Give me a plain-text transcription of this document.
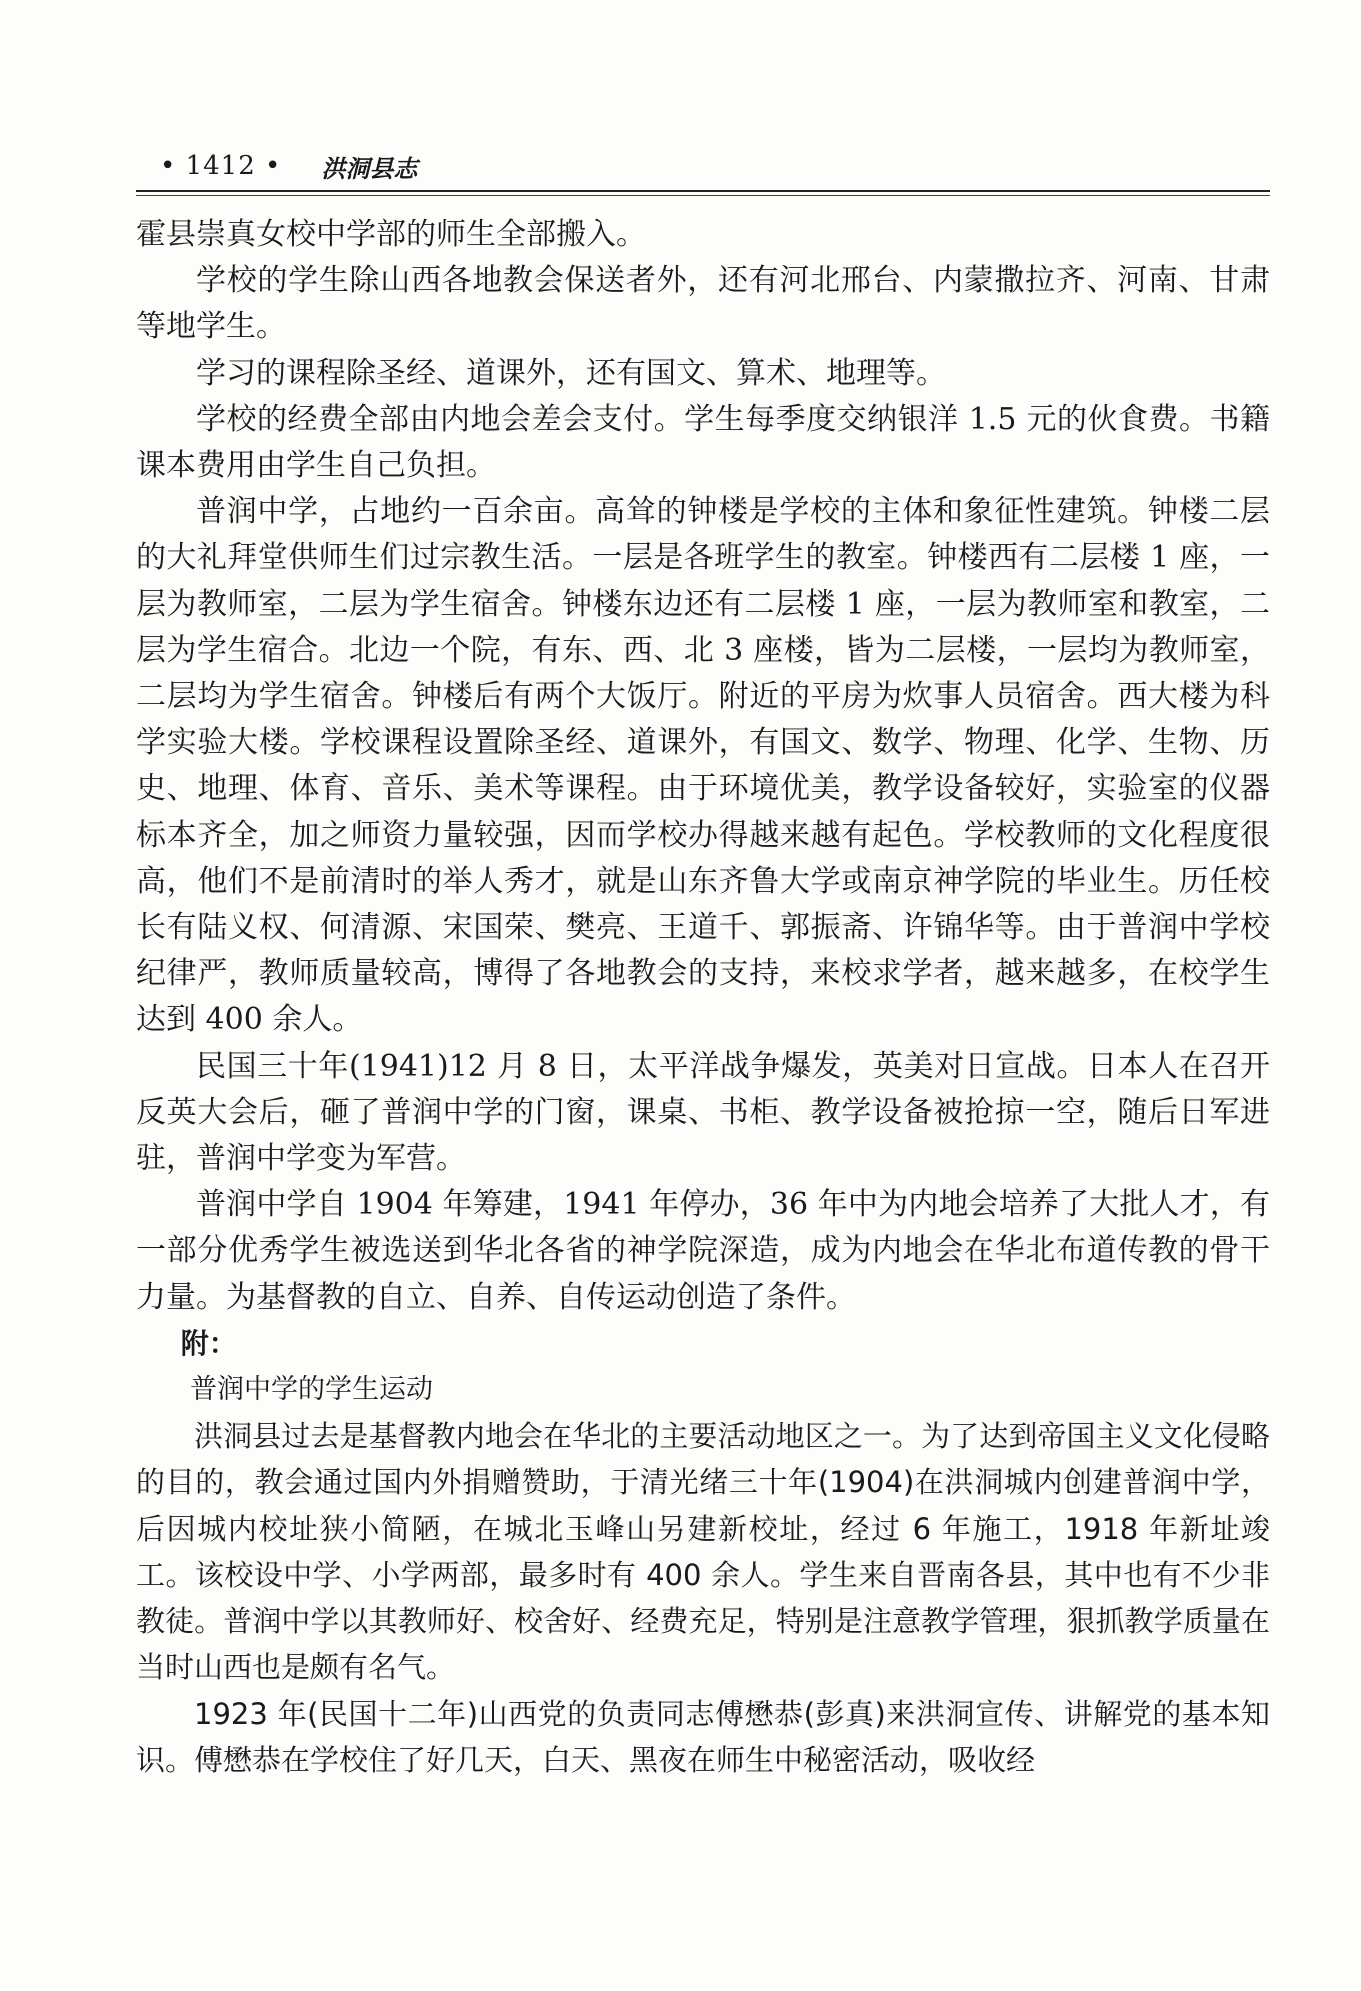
• 1412 • 洪洞县志

霍县崇真女校中学部的师生全部搬入。

学校的学生除山西各地教会保送者外，还有河北邢台、内蒙撒拉齐、河南、甘肃等地学生。

学习的课程除圣经、道课外，还有国文、算术、地理等。

学校的经费全部由内地会差会支付。学生每季度交纳银洋 1.5 元的伙食费。书籍课本费用由学生自己负担。

普润中学，占地约一百余亩。高耸的钟楼是学校的主体和象征性建筑。钟楼二层的大礼拜堂供师生们过宗教生活。一层是各班学生的教室。钟楼西有二层楼 1 座，一层为教师室，二层为学生宿舍。钟楼东边还有二层楼 1 座，一层为教师室和教室，二层为学生宿合。北边一个院，有东、西、北 3 座楼，皆为二层楼，一层均为教师室，二层均为学生宿舍。钟楼后有两个大饭厅。附近的平房为炊事人员宿舍。西大楼为科学实验大楼。学校课程设置除圣经、道课外，有国文、数学、物理、化学、生物、历史、地理、体育、音乐、美术等课程。由于环境优美，教学设备较好，实验室的仪器标本齐全，加之师资力量较强，因而学校办得越来越有起色。学校教师的文化程度很高，他们不是前清时的举人秀才，就是山东齐鲁大学或南京神学院的毕业生。历任校长有陆义权、何清源、宋国荣、樊亮、王道千、郭振斋、许锦华等。由于普润中学校纪律严，教师质量较高，博得了各地教会的支持，来校求学者，越来越多，在校学生达到 400 余人。

民国三十年(1941)12 月 8 日，太平洋战争爆发，英美对日宣战。日本人在召开反英大会后，砸了普润中学的门窗，课桌、书柜、教学设备被抢掠一空，随后日军进驻，普润中学变为军营。

普润中学自 1904 年筹建，1941 年停办，36 年中为内地会培养了大批人才，有一部分优秀学生被选送到华北各省的神学院深造，成为内地会在华北布道传教的骨干力量。为基督教的自立、自养、自传运动创造了条件。

附：

普润中学的学生运动

洪洞县过去是基督教内地会在华北的主要活动地区之一。为了达到帝国主义文化侵略的目的，教会通过国内外捐赠赞助，于清光绪三十年(1904)在洪洞城内创建普润中学，后因城内校址狭小简陋，在城北玉峰山另建新校址，经过 6 年施工，1918 年新址竣工。该校设中学、小学两部，最多时有 400 余人。学生来自晋南各县，其中也有不少非教徒。普润中学以其教师好、校舍好、经费充足，特别是注意教学管理，狠抓教学质量在当时山西也是颇有名气。

1923 年(民国十二年)山西党的负责同志傅懋恭(彭真)来洪洞宣传、讲解党的基本知识。傅懋恭在学校住了好几天，白天、黑夜在师生中秘密活动，吸收经
